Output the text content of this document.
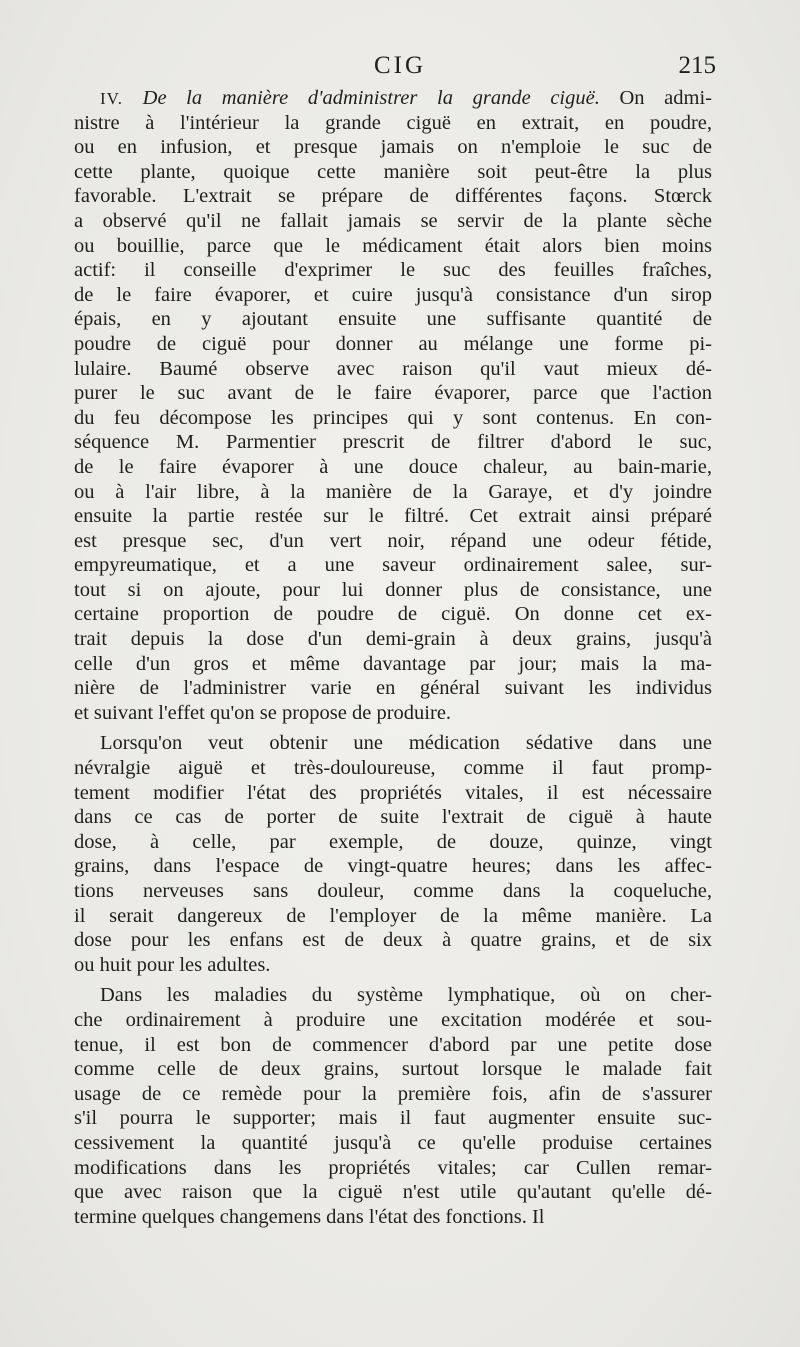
CIG	215
IV. De la manière d'administrer la grande ciguë. On admi-
nistre à l'intérieur la grande ciguë en extrait, en poudre,
ou en infusion, et presque jamais on n'emploie le suc de
cette plante, quoique cette manière soit peut-être la plus
favorable. L'extrait se prépare de différentes façons. Stœrck
a observé qu'il ne fallait jamais se servir de la plante sèche
ou bouillie, parce que le médicament était alors bien moins
actif: il conseille d'exprimer le suc des feuilles fraîches,
de le faire évaporer, et cuire jusqu'à consistance d'un sirop
épais, en y ajoutant ensuite une suffisante quantité de
poudre de ciguë pour donner au mélange une forme pi-
lulaire. Baumé observe avec raison qu'il vaut mieux dé-
purer le suc avant de le faire évaporer, parce que l'action
du feu décompose les principes qui y sont contenus. En con-
séquence M. Parmentier prescrit de filtrer d'abord le suc,
de le faire évaporer à une douce chaleur, au bain-marie,
ou à l'air libre, à la manière de la Garaye, et d'y joindre
ensuite la partie restée sur le filtré. Cet extrait ainsi préparé
est presque sec, d'un vert noir, répand une odeur fétide,
empyreumatique, et a une saveur ordinairement salee, sur-
tout si on ajoute, pour lui donner plus de consistance, une
certaine proportion de poudre de ciguë. On donne cet ex-
trait depuis la dose d'un demi-grain à deux grains, jusqu'à
celle d'un gros et même davantage par jour; mais la ma-
nière de l'administrer varie en général suivant les individus
et suivant l'effet qu'on se propose de produire.
Lorsqu'on veut obtenir une médication sédative dans une
névralgie aiguë et très-douloureuse, comme il faut promp-
tement modifier l'état des propriétés vitales, il est nécessaire
dans ce cas de porter de suite l'extrait de ciguë à haute
dose, à celle, par exemple, de douze, quinze, vingt
grains, dans l'espace de vingt-quatre heures; dans les affec-
tions nerveuses sans douleur, comme dans la coqueluche,
il serait dangereux de l'employer de la même manière. La
dose pour les enfans est de deux à quatre grains, et de six
ou huit pour les adultes.
Dans les maladies du système lymphatique, où on cher-
che ordinairement à produire une excitation modérée et sou-
tenue, il est bon de commencer d'abord par une petite dose
comme celle de deux grains, surtout lorsque le malade fait
usage de ce remède pour la première fois, afin de s'assurer
s'il pourra le supporter; mais il faut augmenter ensuite suc-
cessivement la quantité jusqu'à ce qu'elle produise certaines
modifications dans les propriétés vitales; car Cullen remar-
que avec raison que la ciguë n'est utile qu'autant qu'elle dé-
termine quelques changemens dans l'état des fonctions. Il
